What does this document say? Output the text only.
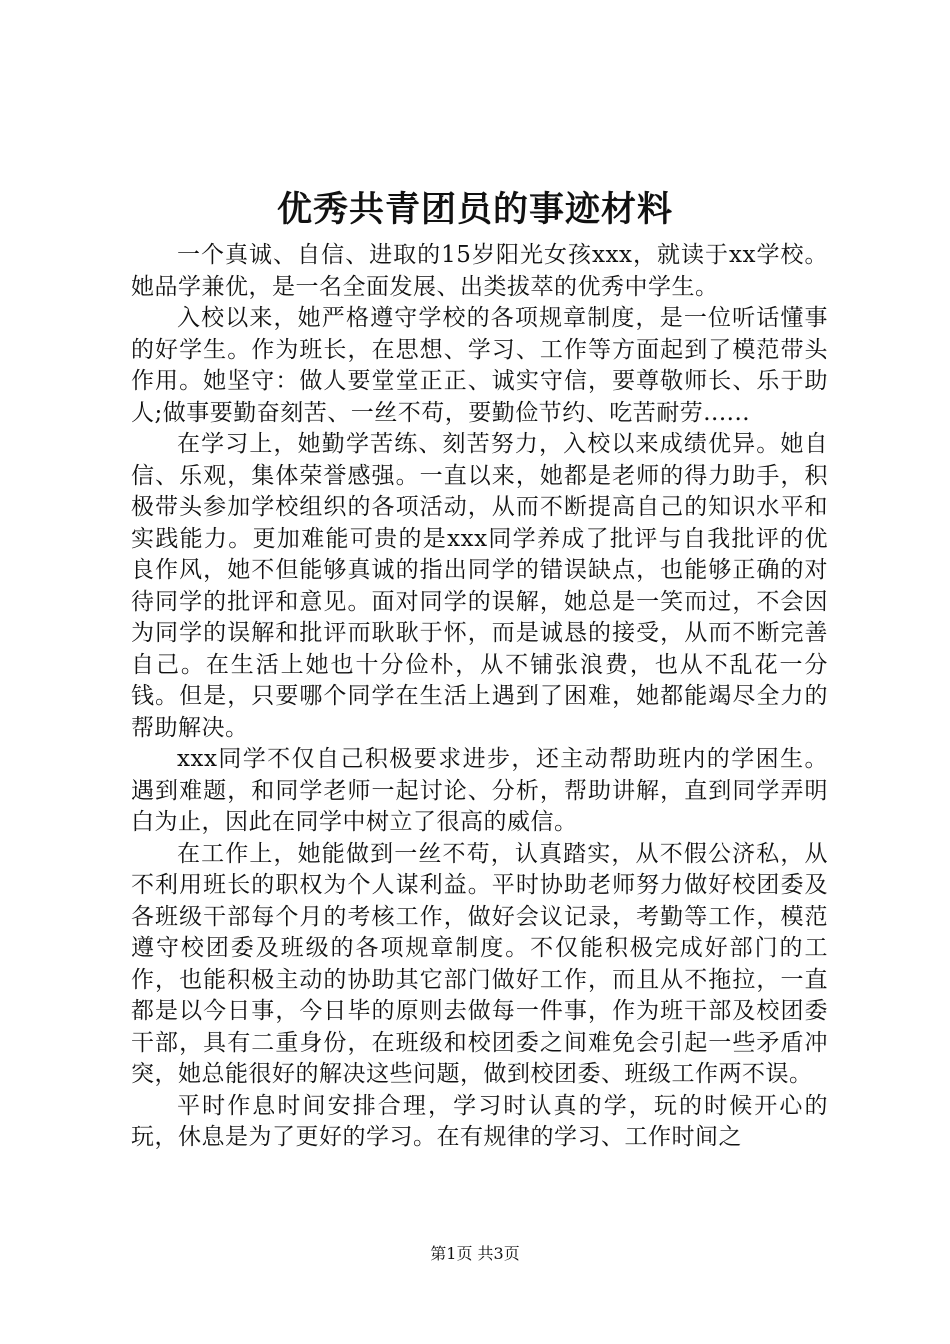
优秀共青团员的事迹材料

一个真诚、自信、进取的15岁阳光女孩xxx，就读于xx学校。她品学兼优，是一名全面发展、出类拔萃的优秀中学生。

入校以来，她严格遵守学校的各项规章制度，是一位听话懂事的好学生。作为班长，在思想、学习、工作等方面起到了模范带头作用。她坚守：做人要堂堂正正、诚实守信，要尊敬师长、乐于助人;做事要勤奋刻苦、一丝不苟，要勤俭节约、吃苦耐劳......

在学习上，她勤学苦练、刻苦努力，入校以来成绩优异。她自信、乐观，集体荣誉感强。一直以来，她都是老师的得力助手，积极带头参加学校组织的各项活动，从而不断提高自己的知识水平和实践能力。更加难能可贵的是xxx同学养成了批评与自我批评的优良作风，她不但能够真诚的指出同学的错误缺点，也能够正确的对待同学的批评和意见。面对同学的误解，她总是一笑而过，不会因为同学的误解和批评而耿耿于怀，而是诚恳的接受，从而不断完善自己。在生活上她也十分俭朴，从不铺张浪费，也从不乱花一分钱。但是，只要哪个同学在生活上遇到了困难，她都能竭尽全力的帮助解决。

xxx同学不仅自己积极要求进步，还主动帮助班内的学困生。遇到难题，和同学老师一起讨论、分析，帮助讲解，直到同学弄明白为止，因此在同学中树立了很高的威信。

在工作上，她能做到一丝不苟，认真踏实，从不假公济私，从不利用班长的职权为个人谋利益。平时协助老师努力做好校团委及各班级干部每个月的考核工作，做好会议记录，考勤等工作，模范遵守校团委及班级的各项规章制度。不仅能积极完成好部门的工作，也能积极主动的协助其它部门做好工作，而且从不拖拉，一直都是以今日事，今日毕的原则去做每一件事，作为班干部及校团委干部，具有二重身份，在班级和校团委之间难免会引起一些矛盾冲突，她总能很好的解决这些问题，做到校团委、班级工作两不误。

平时作息时间安排合理，学习时认真的学，玩的时候开心的玩，休息是为了更好的学习。在有规律的学习、工作时间之

第1页 共3页
